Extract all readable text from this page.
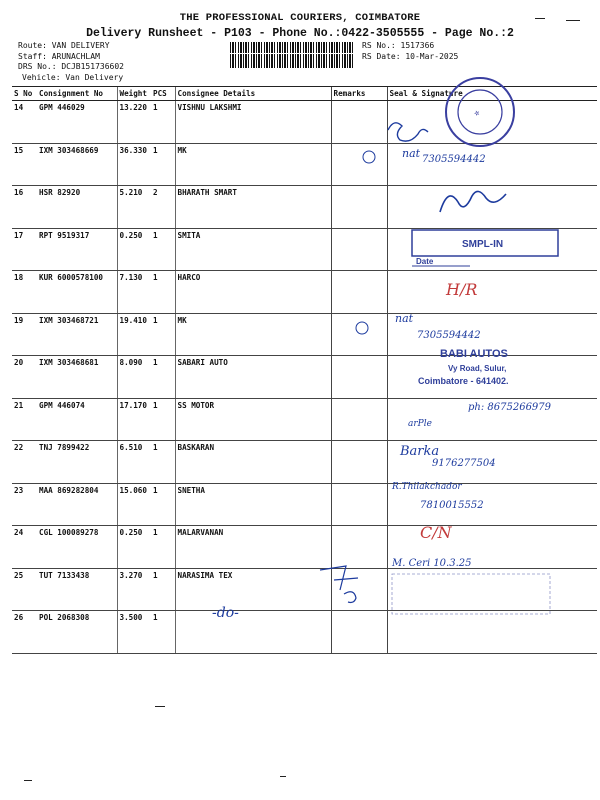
THE PROFESSIONAL COURIERS, COIMBATORE
Delivery Runsheet - P103 - Phone No.:0422-3505555 - Page No.:2
Route: VAN DELIVERY
Staff: ARUNACHLAM
DRS No.: DCJB151736602
Vehicle: Van Delivery
RS No.: 1517366
RS Date: 10-Mar-2025
S No	Consignment No	Weight	PCS	Consignee Details	Remarks	Seal & Signature
14	GPM 446029	13.220	1	VISHNU LAKSHMI		
15	IXM 303468669	36.330	1	MK		
16	HSR 82920	5.210	2	BHARATH SMART		
17	RPT 9519317	0.250	1	SMITA		
18	KUR 6000578100	7.130	1	HARCO		
19	IXM 303468721	19.410	1	MK		
20	IXM 303468681	8.090	1	SABARI AUTO		
21	GPM 446074	17.170	1	SS MOTOR		
22	TNJ 7899422	6.510	1	BASKARAN		
23	MAA 869282804	15.060	1	SNETHA		
24	CGL 100089278	0.250	1	MALARVANAN		
25	TUT 7133438	3.270	1	NARASIMA TEX		
26	POL 2068308	3.500	1			
☆
nat 7305594442
SMPL-IN
Date
H/R
nat
7305594442
BABI AUTOS
Vy Road, Sulur,
Coimbatore - 641402.
ph: 8675266979
arPle
Barka
9176277504
R.Thilakchador
7810015552
C/N
M. Ceri 10.3.25
-do-
